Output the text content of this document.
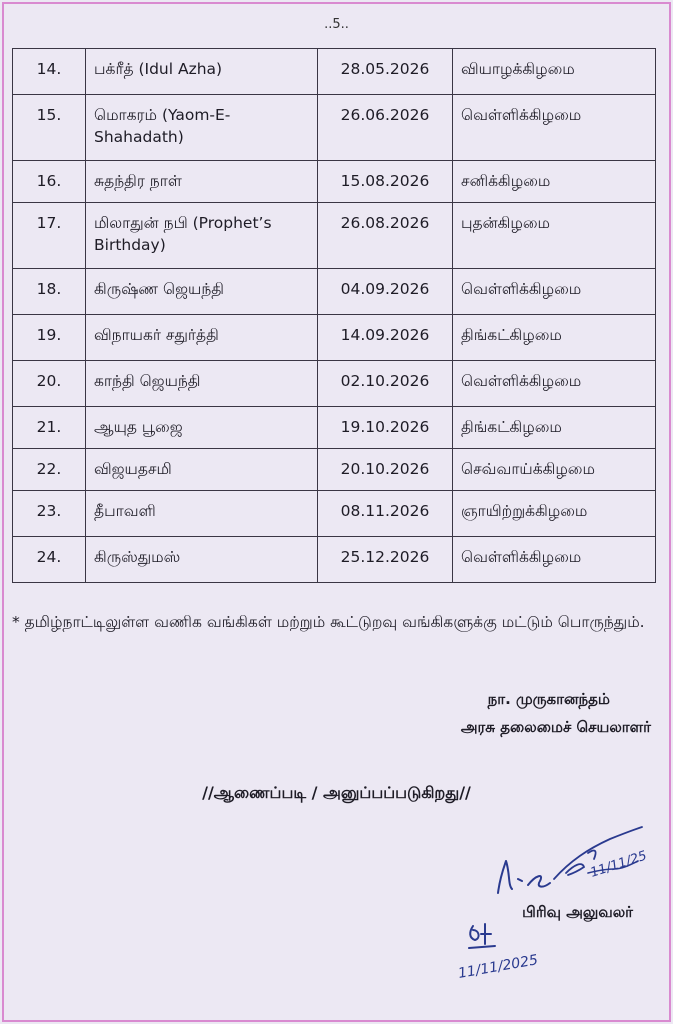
..5..
14.	பக்ரீத் (Idul Azha)	28.05.2026	வியாழக்கிழமை
15.	மொகரம் (Yaom-E-Shahadath)	26.06.2026	வெள்ளிக்கிழமை
16.	சுதந்திர நாள்	15.08.2026	சனிக்கிழமை
17.	மிலாதுன் நபி (Prophet’s Birthday)	26.08.2026	புதன்கிழமை
18.	கிருஷ்ண ஜெயந்தி	04.09.2026	வெள்ளிக்கிழமை
19.	விநாயகர் சதுர்த்தி	14.09.2026	திங்கட்கிழமை
20.	காந்தி ஜெயந்தி	02.10.2026	வெள்ளிக்கிழமை
21.	ஆயுத பூஜை	19.10.2026	திங்கட்கிழமை
22.	விஜயதசமி	20.10.2026	செவ்வாய்க்கிழமை
23.	தீபாவளி	08.11.2026	ஞாயிற்றுக்கிழமை
24.	கிருஸ்துமஸ்	25.12.2026	வெள்ளிக்கிழமை
* தமிழ்நாட்டிலுள்ள வணிக வங்கிகள் மற்றும் கூட்டுறவு வங்கிகளுக்கு மட்டும் பொருந்தும்.
நா. முருகானந்தம்
அரசு தலைமைச் செயலாளர்
//ஆணைப்படி / அனுப்பப்படுகிறது//
11/11/25
பிரிவு அலுவலர்
11/11/2025
